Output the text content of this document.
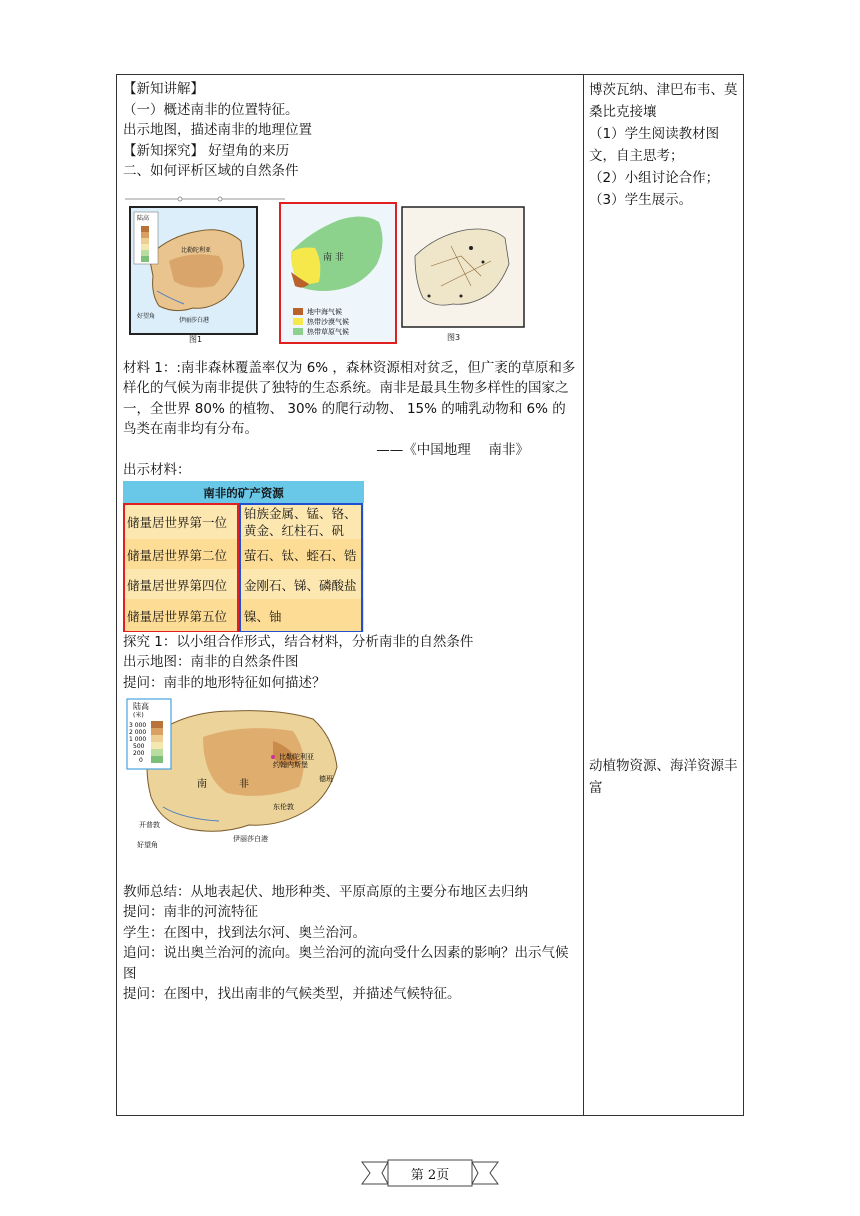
【新知讲解】
（一）概述南非的位置特征。
出示地图，描述南非的地理位置
【新知探究】 好望角的来历
二、如何评析区域的自然条件
陆高
比勒陀利亚
好望角
伊丽莎白港
图1
南 非
地中海气候
热带沙漠气候
热带草原气候
图3
材料 1：:南非森林覆盖率仅为 6% ，森林资源相对贫乏，但广袤的草原和多样化的气候为南非提供了独特的生态系统。南非是最具生物多样性的国家之一，全世界 80% 的植物、 30% 的爬行动物、 15% 的哺乳动物和 6% 的鸟类在南非均有分布。
——《中国地理　 南非》
出示材料：
南非的矿产资源
储量居世界第一位
铂族金属、锰、铬、黄金、红柱石、矾
储量居世界第二位 萤石、钛、蛭石、锆
储量居世界第四位 金刚石、锑、磷酸盐
储量居世界第五位 镍、铀
探究 1：以小组合作形式，结合材料，分析南非的自然条件
出示地图：南非的自然条件图
提问：南非的地形特征如何描述？
陆高
(米)
3 000
2 000
1 000
500
200
0
南	非
比勒陀利亚
约翰内斯堡
德班
开普敦
伊丽莎白港
好望角
东伦敦
教师总结：从地表起伏、地形种类、平原高原的主要分布地区去归纳
提问：南非的河流特征
学生：在图中，找到法尔河、奥兰治河。
追问：说出奥兰治河的流向。奥兰治河的流向受什么因素的影响？出示气候图
提问：在图中，找出南非的气候类型，并描述气候特征。
博茨瓦纳、津巴布韦、莫桑比克接壤
（1）学生阅读教材图文，自主思考；
（2）小组讨论合作；
（3）学生展示。
动植物资源、海洋资源丰富
第 2页
